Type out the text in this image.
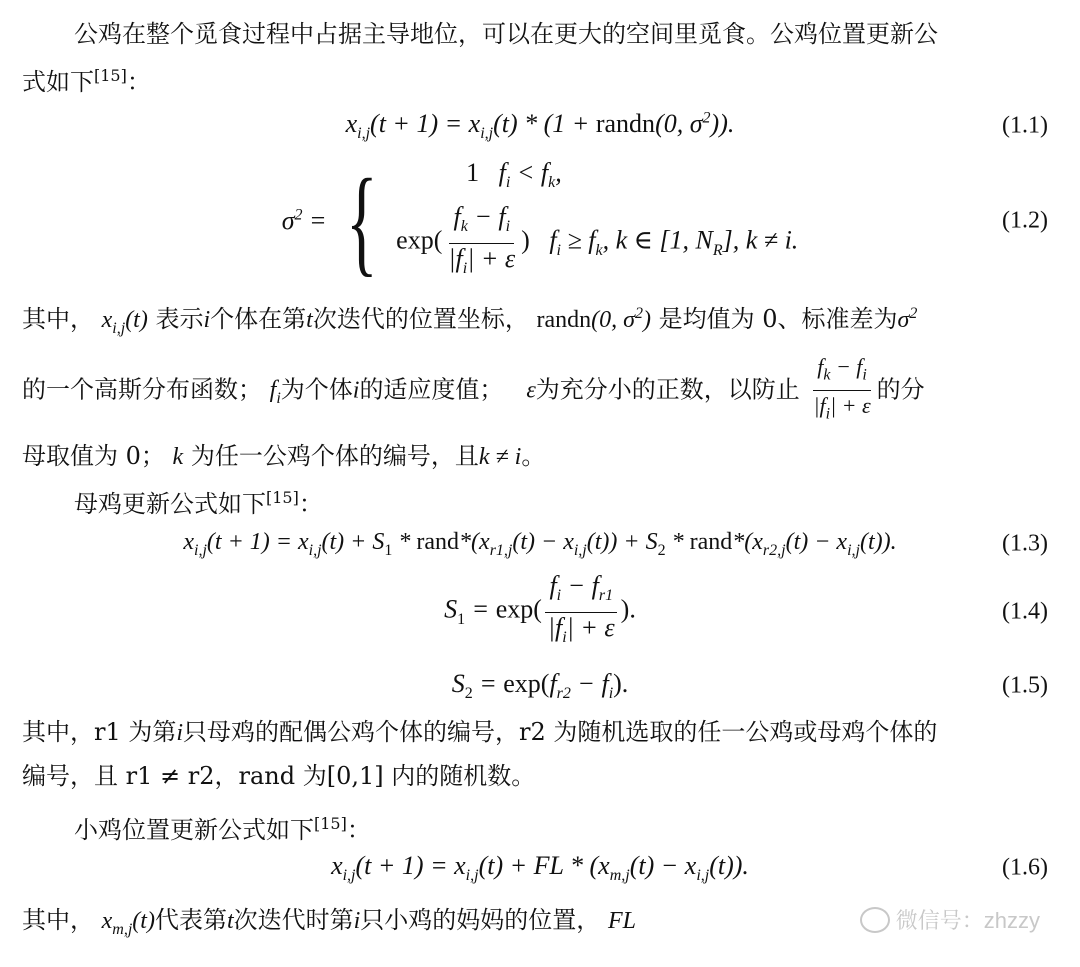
公鸡在整个觅食过程中占据主导地位，可以在更大的空间里觅食。公鸡位置更新公
式如下[15]：
$x_{i,j}(t + 1) = x_{i,j}(t) * (1$ + randn(0, $\sigma^2$)).	(1.1)
$\sigma^2$ = {	1   $f_i < f_k$,
$\exp( \frac{f_k - f_i}{|f_i| + \varepsilon}$ )   $f_i \ge f_k$, k ∈ [1, $N_R$], k ≠ i.
(1.2)
其中， $x_{i,j}(t)$ 表示i个体在第t次迭代的位置坐标， randn(0, $\sigma^2$) 是均值为 0、标准差为$\sigma^2$
的一个高斯分布函数； $f_i$为个体i的适应度值； ε为充分小的正数，以防止 $\frac{f_k - f_i}{|f_i| + \varepsilon}$ 的分
母取值为 0； k 为任一公鸡个体的编号，且k ≠ i。
母鸡更新公式如下[15]：
$x_{i,j}(t + 1) = x_{i,j}(t) + S_1$ * $rand*(x_{r1,j}(t) - x_{i,j}(t)) + S_2$ * $rand*(x_{r2,j}(t) - x_{i,j}(t))$.	(1.3)
$S_1 = \exp( \frac{f_i - f_{r1}}{|f_i| + \varepsilon}$ ).	(1.4)
$S_2 = \exp(f_{r2} - f_i)$.	(1.5)
其中，r1 为第i只母鸡的配偶公鸡个体的编号，r2 为随机选取的任一公鸡或母鸡个体的
编号，且 r1 ≠ r2，rand 为[0,1] 内的随机数。
小鸡位置更新公式如下[15]：
$x_{i,j}(t + 1) = x_{i,j}(t)$ + FL * $(x_{m,j}(t) - x_{i,j}(t))$.	(1.6)
其中， $x_{m,j}(t)$代表第t次迭代时第i只小鸡的妈妈的位置， FL	微信号：zhzzy
